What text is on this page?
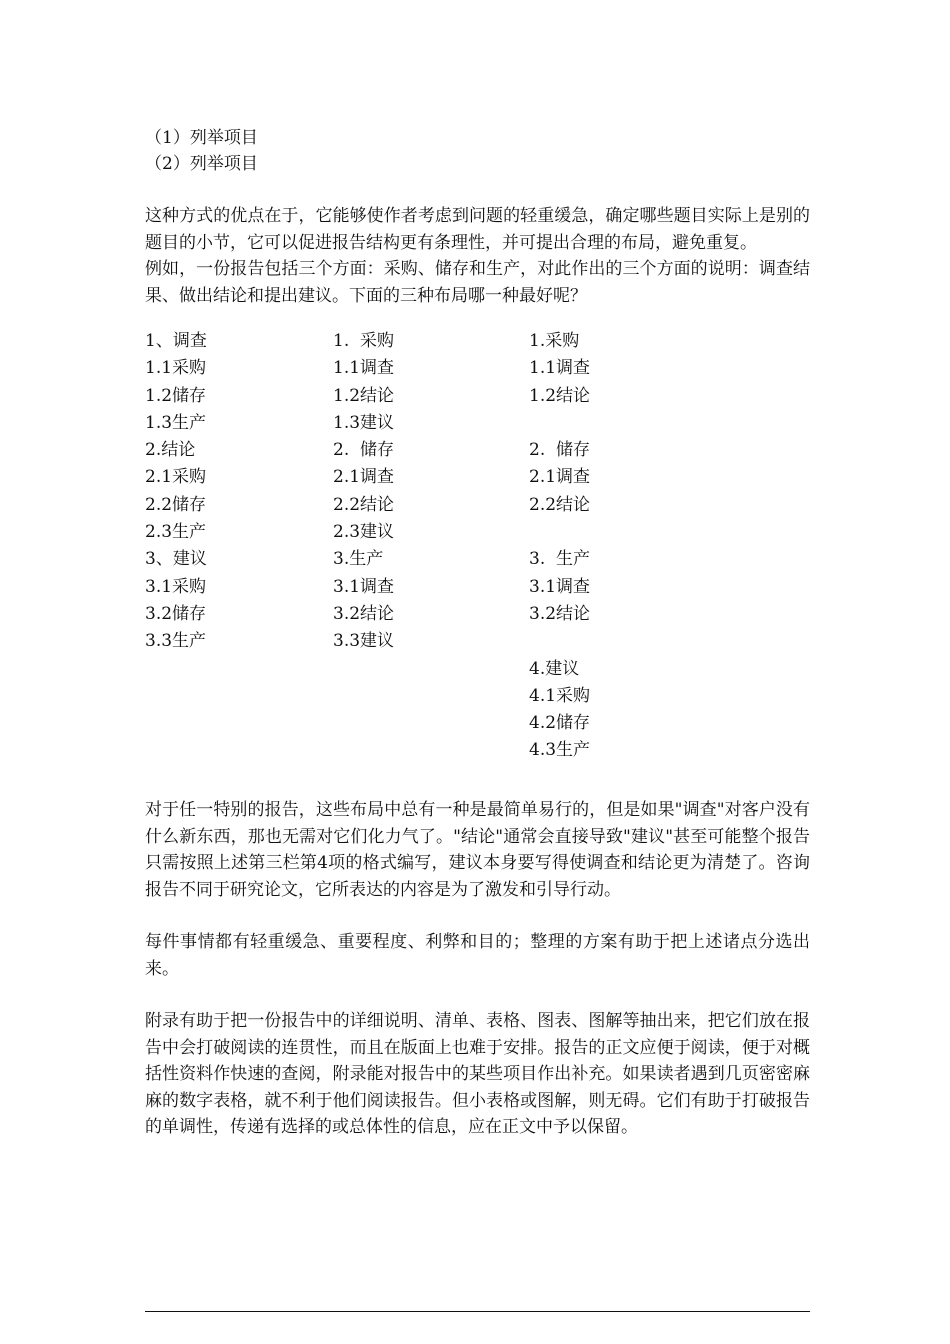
（1）列举项目
（2）列举项目
这种方式的优点在于，它能够使作者考虑到问题的轻重缓急，确定哪些题目实际上是别的题目的小节，它可以促进报告结构更有条理性，并可提出合理的布局，避免重复。
例如，一份报告包括三个方面：采购、储存和生产，对此作出的三个方面的说明：调查结果、做出结论和提出建议。下面的三种布局哪一种最好呢？
1、调查
1.1采购
1.2储存
1.3生产
2.结论
2.1采购
2.2储存
2.3生产
3、建议
3.1采购
3.2储存
3.3生产
1.  采购
1.1调查
1.2结论
1.3建议
2.  储存
2.1调查
2.2结论
2.3建议
3.生产
3.1调查
3.2结论
3.3建议
1.采购
1.1调查
1.2结论
2.  储存
2.1调查
2.2结论
3.  生产
3.1调查
3.2结论
4.建议
4.1采购
4.2储存
4.3生产
对于任一特别的报告，这些布局中总有一种是最简单易行的，但是如果"调查"对客户没有什么新东西，那也无需对它们化力气了。"结论"通常会直接导致"建议"甚至可能整个报告只需按照上述第三栏第4项的格式编写，建议本身要写得使调查和结论更为清楚了。咨询报告不同于研究论文，它所表达的内容是为了激发和引导行动。
每件事情都有轻重缓急、重要程度、利弊和目的；整理的方案有助于把上述诸点分选出来。
附录有助于把一份报告中的详细说明、清单、表格、图表、图解等抽出来，把它们放在报告中会打破阅读的连贯性，而且在版面上也难于安排。报告的正文应便于阅读，便于对概括性资料作快速的查阅，附录能对报告中的某些项目作出补充。如果读者遇到几页密密麻麻的数字表格，就不利于他们阅读报告。但小表格或图解，则无碍。它们有助于打破报告的单调性，传递有选择的或总体性的信息，应在正文中予以保留。
